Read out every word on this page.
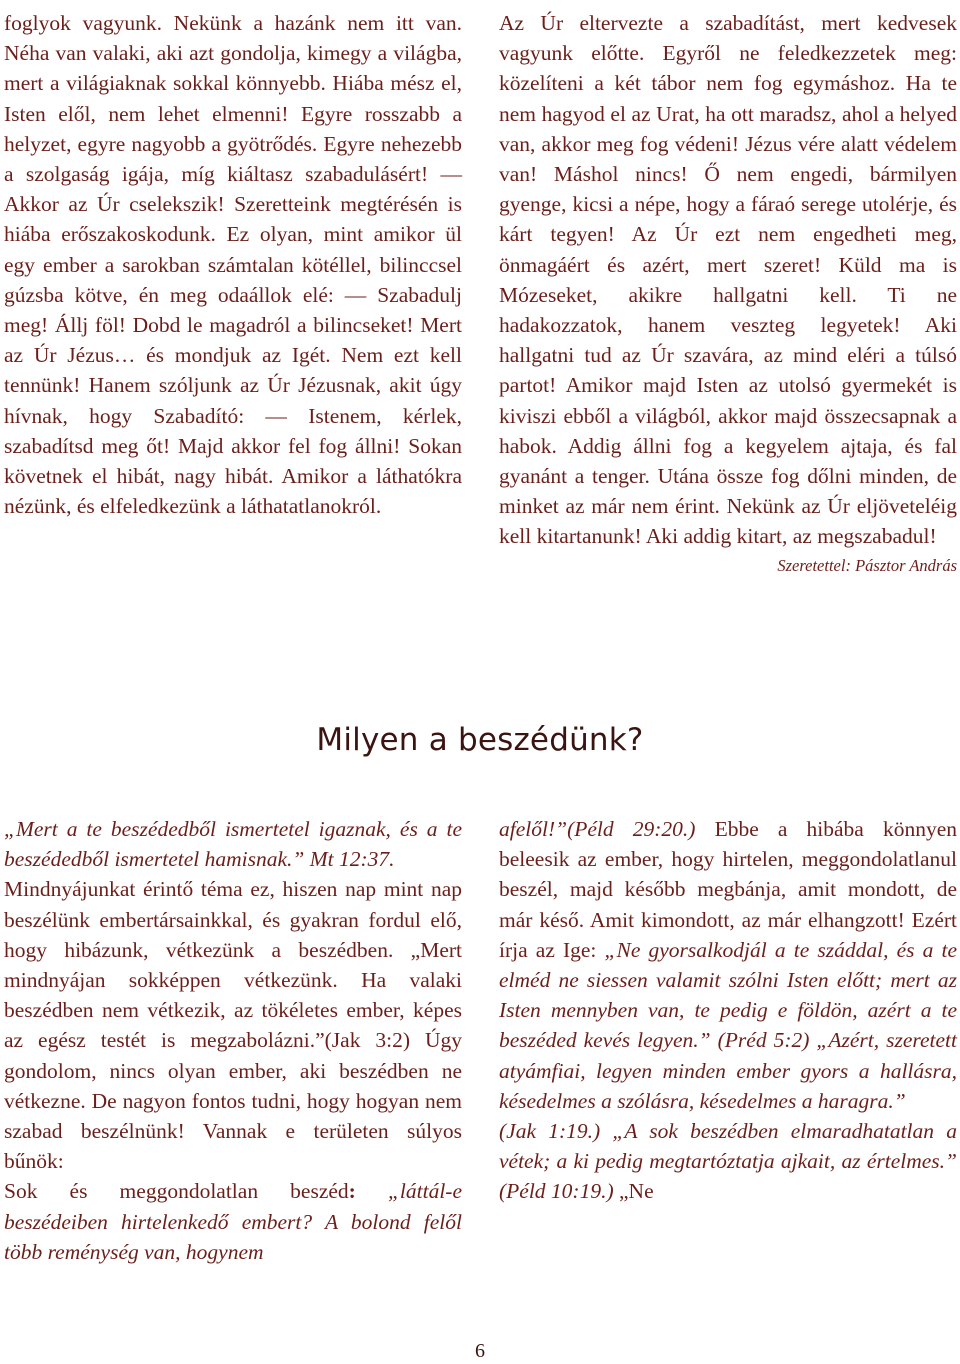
foglyok vagyunk. Nekünk a hazánk nem itt van. Néha van valaki, aki azt gondolja, kimegy a világba, mert a világiaknak sokkal könnyebb. Hiába mész el, Isten elől, nem lehet elmenni! Egyre rosszabb a helyzet, egyre nagyobb a gyötrődés. Egyre nehezebb a szolgaság igája, míg kiáltasz szabadulásért! — Akkor az Úr cselekszik! Szeretteink megtérésén is hiába erőszakoskodunk. Ez olyan, mint amikor ül egy ember a sarokban számtalan kötéllel, bilinccsel gúzsba kötve, én meg odaállok elé: — Szabadulj meg! Állj föl! Dobd le magadról a bilincseket! Mert az Úr Jézus… és mondjuk az Igét. Nem ezt kell tennünk! Hanem szóljunk az Úr Jézusnak, akit úgy hívnak, hogy Szabadító: — Istenem, kérlek, szabadítsd meg őt! Majd akkor fel fog állni! Sokan követnek el hibát, nagy hibát. Amikor a láthatókra nézünk, és elfeledkezünk a láthatatlanokról.

Az Úr eltervezte a szabadítást, mert kedvesek vagyunk előtte. Egyről ne feledkezzetek meg: közelíteni a két tábor nem fog egymáshoz. Ha te nem hagyod el az Urat, ha ott maradsz, ahol a helyed van, akkor meg fog védeni! Jézus vére alatt védelem van! Máshol nincs! Ő nem engedi, bármilyen gyenge, kicsi a népe, hogy a fáraó serege utolérje, és kárt tegyen! Az Úr ezt nem engedheti meg, önmagáért és azért, mert szeret! Küld ma is Mózeseket, akikre hallgatni kell. Ti ne hadakozzatok, hanem veszteg legyetek! Aki hallgatni tud az Úr szavára, az mind eléri a túlsó partot! Amikor majd Isten az utolsó gyermekét is kiviszi ebből a világból, akkor majd összecsapnak a habok. Addig állni fog a kegyelem ajtaja, és fal gyanánt a tenger. Utána össze fog dőlni minden, de minket az már nem érint. Nekünk az Úr eljöveteléig kell kitartanunk! Aki addig kitart, az megszabadul!

Szeretettel: Pásztor András

Milyen a beszédünk?

„Mert a te beszédedből ismertetel igaznak, és a te beszédedből ismertetel hamisnak.” Mt 12:37.

Mindnyájunkat érintő téma ez, hiszen nap mint nap beszélünk embertársainkkal, és gyakran fordul elő, hogy hibázunk, vétkezünk a beszédben. „Mert mindnyájan sokképpen vétkezünk. Ha valaki beszédben nem vétkezik, az tökéletes ember, képes az egész testét is megzabolázni.”(Jak 3:2) Úgy gondolom, nincs olyan ember, aki beszédben ne vétkezne. De nagyon fontos tudni, hogy hogyan nem szabad beszélnünk! Vannak e területen súlyos bűnök:

Sok és meggondolatlan beszéd: „láttál-e beszédeiben hirtelenkedő embert? A bolond felől több reménység van, hogynem

afelől!”(Péld 29:20.) Ebbe a hibába könnyen beleesik az ember, hogy hirtelen, meggondolatlanul beszél, majd később megbánja, amit mondott, de már késő. Amit kimondott, az már elhangzott! Ezért írja az Ige: „Ne gyorsalkodjál a te száddal, és a te elméd ne siessen valamit szólni Isten előtt; mert az Isten mennyben van, te pedig e földön, azért a te beszéded kevés legyen.” (Préd 5:2) „Azért, szeretett atyámfiai, legyen minden ember gyors a hallásra, késedelmes a szólásra, késedelmes a haragra.”

(Jak 1:19.) „A sok beszédben elmaradhatatlan a vétek; a ki pedig megtartóztatja ajkait, az értelmes.” (Péld 10:19.) „Ne

6
